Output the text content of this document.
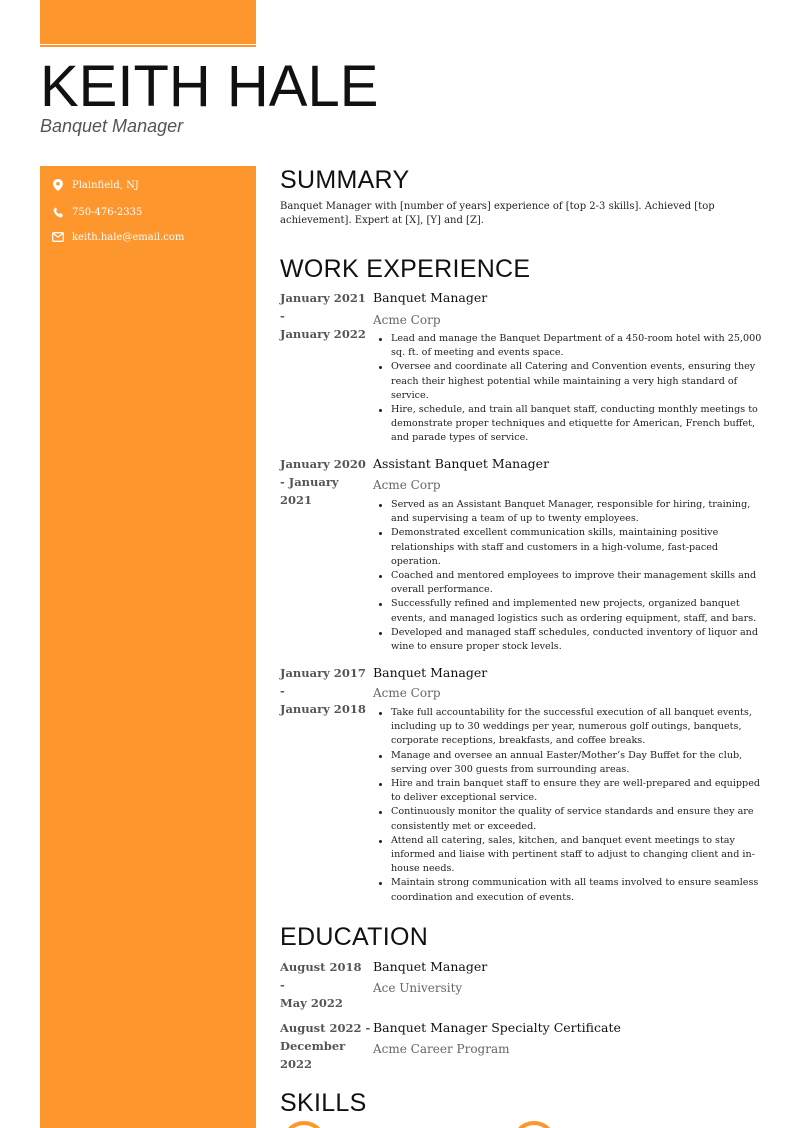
KEITH HALE
Banquet Manager
Plainfield, NJ
750-476-2335
keith.hale@email.com
SUMMARY
Banquet Manager with [number of years] experience of [top 2-3 skills]. Achieved [top achievement]. Expert at [X], [Y] and [Z].
WORK EXPERIENCE
January 2021 -
January 2022
Banquet Manager
Acme Corp
Lead and manage the Banquet Department of a 450-room hotel with 25,000 sq. ft. of meeting and events space.
Oversee and coordinate all Catering and Convention events, ensuring they reach their highest potential while maintaining a very high standard of service.
Hire, schedule, and train all banquet staff, conducting monthly meetings to demonstrate proper techniques and etiquette for American, French buffet, and parade types of service.
January 2020
- January 2021
Assistant Banquet Manager
Acme Corp
Served as an Assistant Banquet Manager, responsible for hiring, training, and supervising a team of up to twenty employees.
Demonstrated excellent communication skills, maintaining positive relationships with staff and customers in a high-volume, fast-paced operation.
Coached and mentored employees to improve their management skills and overall performance.
Successfully refined and implemented new projects, organized banquet events, and managed logistics such as ordering equipment, staff, and bars.
Developed and managed staff schedules, conducted inventory of liquor and wine to ensure proper stock levels.
January 2017 -
January 2018
Banquet Manager
Acme Corp
Take full accountability for the successful execution of all banquet events, including up to 30 weddings per year, numerous golf outings, banquets, corporate receptions, breakfasts, and coffee breaks.
Manage and oversee an annual Easter/Mother’s Day Buffet for the club, serving over 300 guests from surrounding areas.
Hire and train banquet staff to ensure they are well-prepared and equipped to deliver exceptional service.
Continuously monitor the quality of service standards and ensure they are consistently met or exceeded.
Attend all catering, sales, kitchen, and banquet event meetings to stay informed and liaise with pertinent staff to adjust to changing client and in-house needs.
Maintain strong communication with all teams involved to ensure seamless coordination and execution of events.
EDUCATION
August 2018 -
May 2022
Banquet Manager
Ace University
August 2022 -
December 2022
Banquet Manager Specialty Certificate
Acme Career Program
SKILLS
